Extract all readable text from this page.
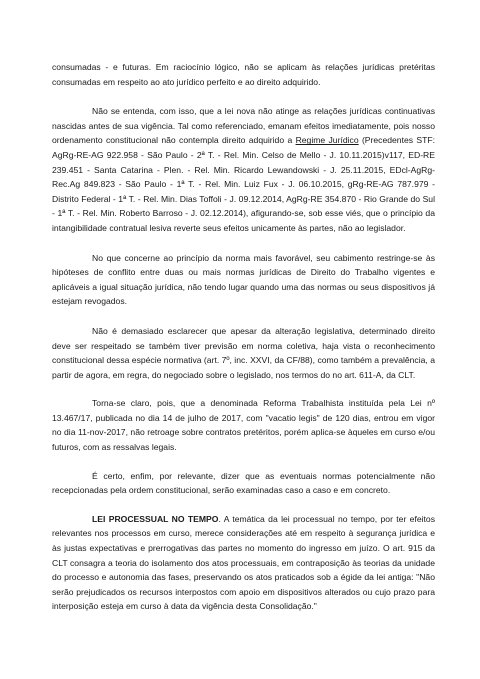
consumadas - e futuras. Em raciocínio lógico, não se aplicam às relações jurídicas pretéritas consumadas em respeito ao ato jurídico perfeito e ao direito adquirido.

Não se entenda, com isso, que a lei nova não atinge as relações jurídicas continuativas nascidas antes de sua vigência. Tal como referenciado, emanam efeitos imediatamente, pois nosso ordenamento constitucional não contempla direito adquirido a Regime Jurídico (Precedentes STF: AgRg-RE-AG 922.958 - São Paulo - 2ª T. - Rel. Min. Celso de Mello - J. 10.11.2015)v117, ED-RE 239.451 - Santa Catarina - Plen. - Rel. Min. Ricardo Lewandowski - J. 25.11.2015, EDcl-AgRg-Rec.Ag 849.823 - São Paulo - 1ª T. - Rel. Min. Luiz Fux - J. 06.10.2015, gRg-RE-AG 787.979 - Distrito Federal - 1ª T. - Rel. Min. Dias Toffoli - J. 09.12.2014, AgRg-RE 354.870 - Rio Grande do Sul - 1ª T. - Rel. Min. Roberto Barroso - J. 02.12.2014), afigurando-se, sob esse viés, que o princípio da intangibilidade contratual lesiva reverte seus efeitos unicamente às partes, não ao legislador.

No que concerne ao princípio da norma mais favorável, seu cabimento restringe-se às hipóteses de conflito entre duas ou mais normas jurídicas de Direito do Trabalho vigentes e aplicáveis a igual situação jurídica, não tendo lugar quando uma das normas ou seus dispositivos já estejam revogados.

Não é demasiado esclarecer que apesar da alteração legislativa, determinado direito deve ser respeitado se também tiver previsão em norma coletiva, haja vista o reconhecimento constitucional dessa espécie normativa (art. 7º, inc. XXVI, da CF/88), como também a prevalência, a partir de agora, em regra, do negociado sobre o legislado, nos termos do no art. 611-A, da CLT.

Torna-se claro, pois, que a denominada Reforma Trabalhista instituída pela Lei nº 13.467/17, publicada no dia 14 de julho de 2017, com "vacatio legis" de 120 dias, entrou em vigor no dia 11-nov-2017, não retroage sobre contratos pretéritos, porém aplica-se àqueles em curso e/ou futuros, com as ressalvas legais.

É certo, enfim, por relevante, dizer que as eventuais normas potencialmente não recepcionadas pela ordem constitucional, serão examinadas caso a caso e em concreto.

LEI PROCESSUAL NO TEMPO. A temática da lei processual no tempo, por ter efeitos relevantes nos processos em curso, merece considerações até em respeito à segurança jurídica e às justas expectativas e prerrogativas das partes no momento do ingresso em juízo. O art. 915 da CLT consagra a teoria do isolamento dos atos processuais, em contraposição às teorias da unidade do processo e autonomia das fases, preservando os atos praticados sob a égide da lei antiga: "Não serão prejudicados os recursos interpostos com apoio em dispositivos alterados ou cujo prazo para interposição esteja em curso à data da vigência desta Consolidação."
